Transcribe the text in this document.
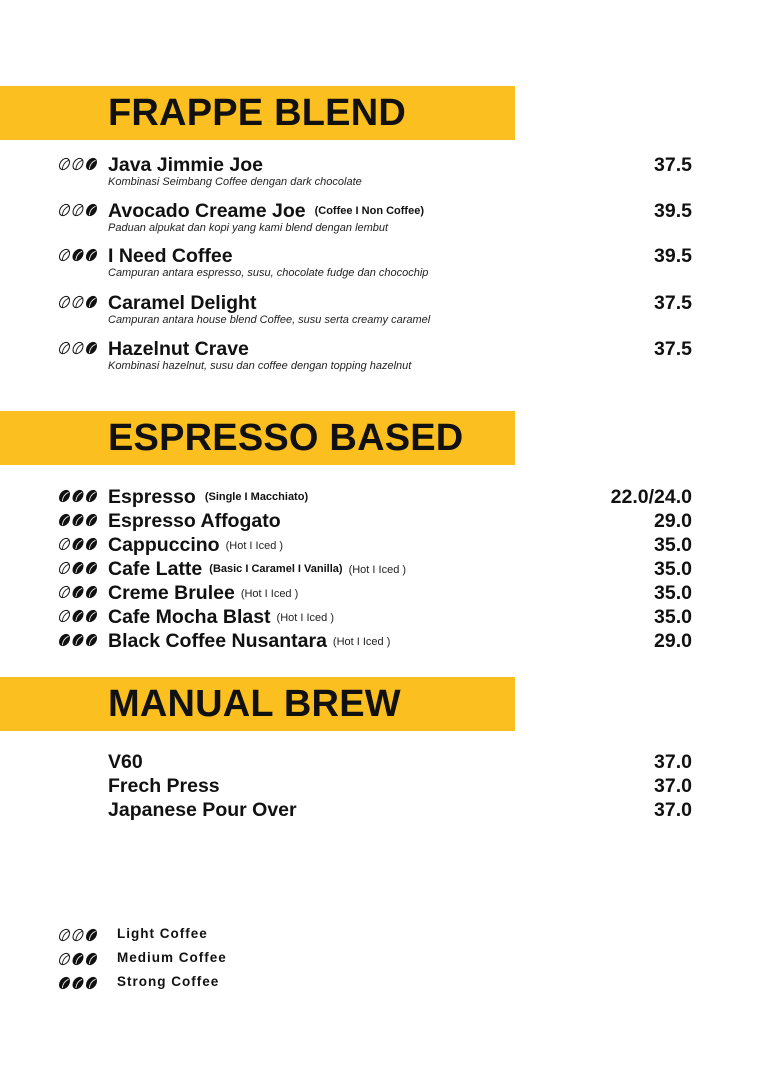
FRAPPE BLEND
Java Jimmie Joe
Kombinasi Seimbang Coffee dengan dark chocolate
37.5
Avocado Creame Joe (Coffee I Non Coffee)
Paduan alpukat dan kopi yang kami blend dengan lembut
39.5
I Need Coffee
Campuran antara espresso, susu, chocolate fudge dan chocochip
39.5
Caramel Delight
Campuran antara house blend Coffee, susu serta creamy caramel
37.5
Hazelnut Crave
Kombinasi hazelnut, susu dan coffee dengan topping hazelnut
37.5
ESPRESSO BASED
Espresso (Single I Macchiato)	22.0/24.0
Espresso Affogato	29.0
Cappuccino (Hot I Iced )	35.0
Cafe Latte (Basic I Caramel I Vanilla) (Hot I Iced )	35.0
Creme Brulee (Hot I Iced )	35.0
Cafe Mocha Blast (Hot I Iced )	35.0
Black Coffee Nusantara (Hot I Iced )	29.0
MANUAL BREW
V60	37.0
Frech Press	37.0
Japanese Pour Over	37.0
Light Coffee
Medium Coffee
Strong Coffee
